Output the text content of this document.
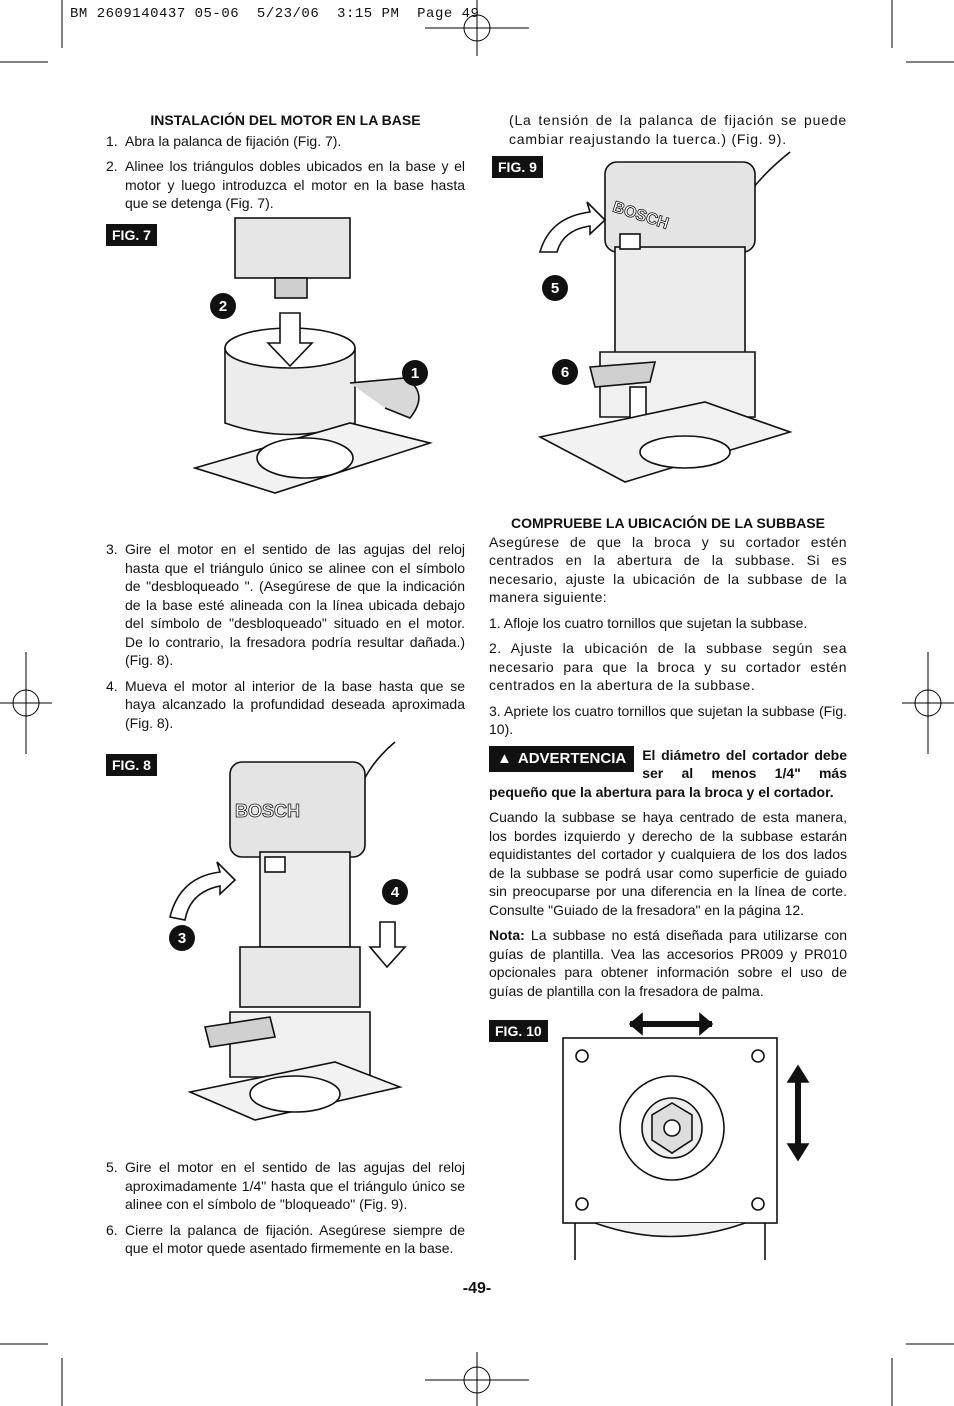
BM 2609140437 05-06  5/23/06  3:15 PM  Page 49
INSTALACIÓN DEL MOTOR EN LA BASE
1. Abra la palanca de fijación (Fig. 7).
2. Alinee los triángulos dobles ubicados en la base y el motor y luego introduzca el motor en la base hasta que se detenga (Fig. 7).
FIG. 7
2
1
3. Gire el motor en el sentido de las agujas del reloj hasta que el triángulo único se alinee con el símbolo de "desbloqueado ". (Asegúrese de que la indicación de la base esté alineada con la línea ubicada debajo del símbolo de "desbloqueado" situado en el motor. De lo contrario, la fresadora podría resultar dañada.) (Fig. 8).
4. Mueva el motor al interior de la base hasta que se haya alcanzado la profundidad deseada aproximada (Fig. 8).
FIG. 8
BOSCH
4
3
5. Gire el motor en el sentido de las agujas del reloj aproximadamente 1/4" hasta que el triángulo único se alinee con el símbolo de "bloqueado" (Fig. 9).
6. Cierre la palanca de fijación. Asegúrese siempre de que el motor quede asentado firmemente en la base.
(La tensión de la palanca de fijación se puede cambiar reajustando la tuerca.) (Fig. 9).
FIG. 9
BOSCH
5
6
COMPRUEBE LA UBICACIÓN DE LA SUBBASE
Asegúrese de que la broca y su cortador estén centrados en la abertura de la subbase. Si es necesario, ajuste la ubicación de la subbase de la manera siguiente:
1. Afloje los cuatro tornillos que sujetan la subbase.
2. Ajuste la ubicación de la subbase según sea necesario para que la broca y su cortador estén centrados en la abertura de la subbase.
3. Apriete los cuatro tornillos que sujetan la subbase (Fig. 10).
▲ ADVERTENCIA El diámetro del cortador debe ser al menos 1/4" más pequeño que la abertura para la broca y el cortador.
Cuando la subbase se haya centrado de esta manera, los bordes izquierdo y derecho de la subbase estarán equidistantes del cortador y cualquiera de los dos lados de la subbase se podrá usar como superficie de guiado sin preocuparse por una diferencia en la línea de corte. Consulte "Guiado de la fresadora" en la página 12.
Nota: La subbase no está diseñada para utilizarse con guías de plantilla. Vea las accesorios PR009 y PR010 opcionales para obtener información sobre el uso de guías de plantilla con la fresadora de palma.
FIG. 10
-49-
